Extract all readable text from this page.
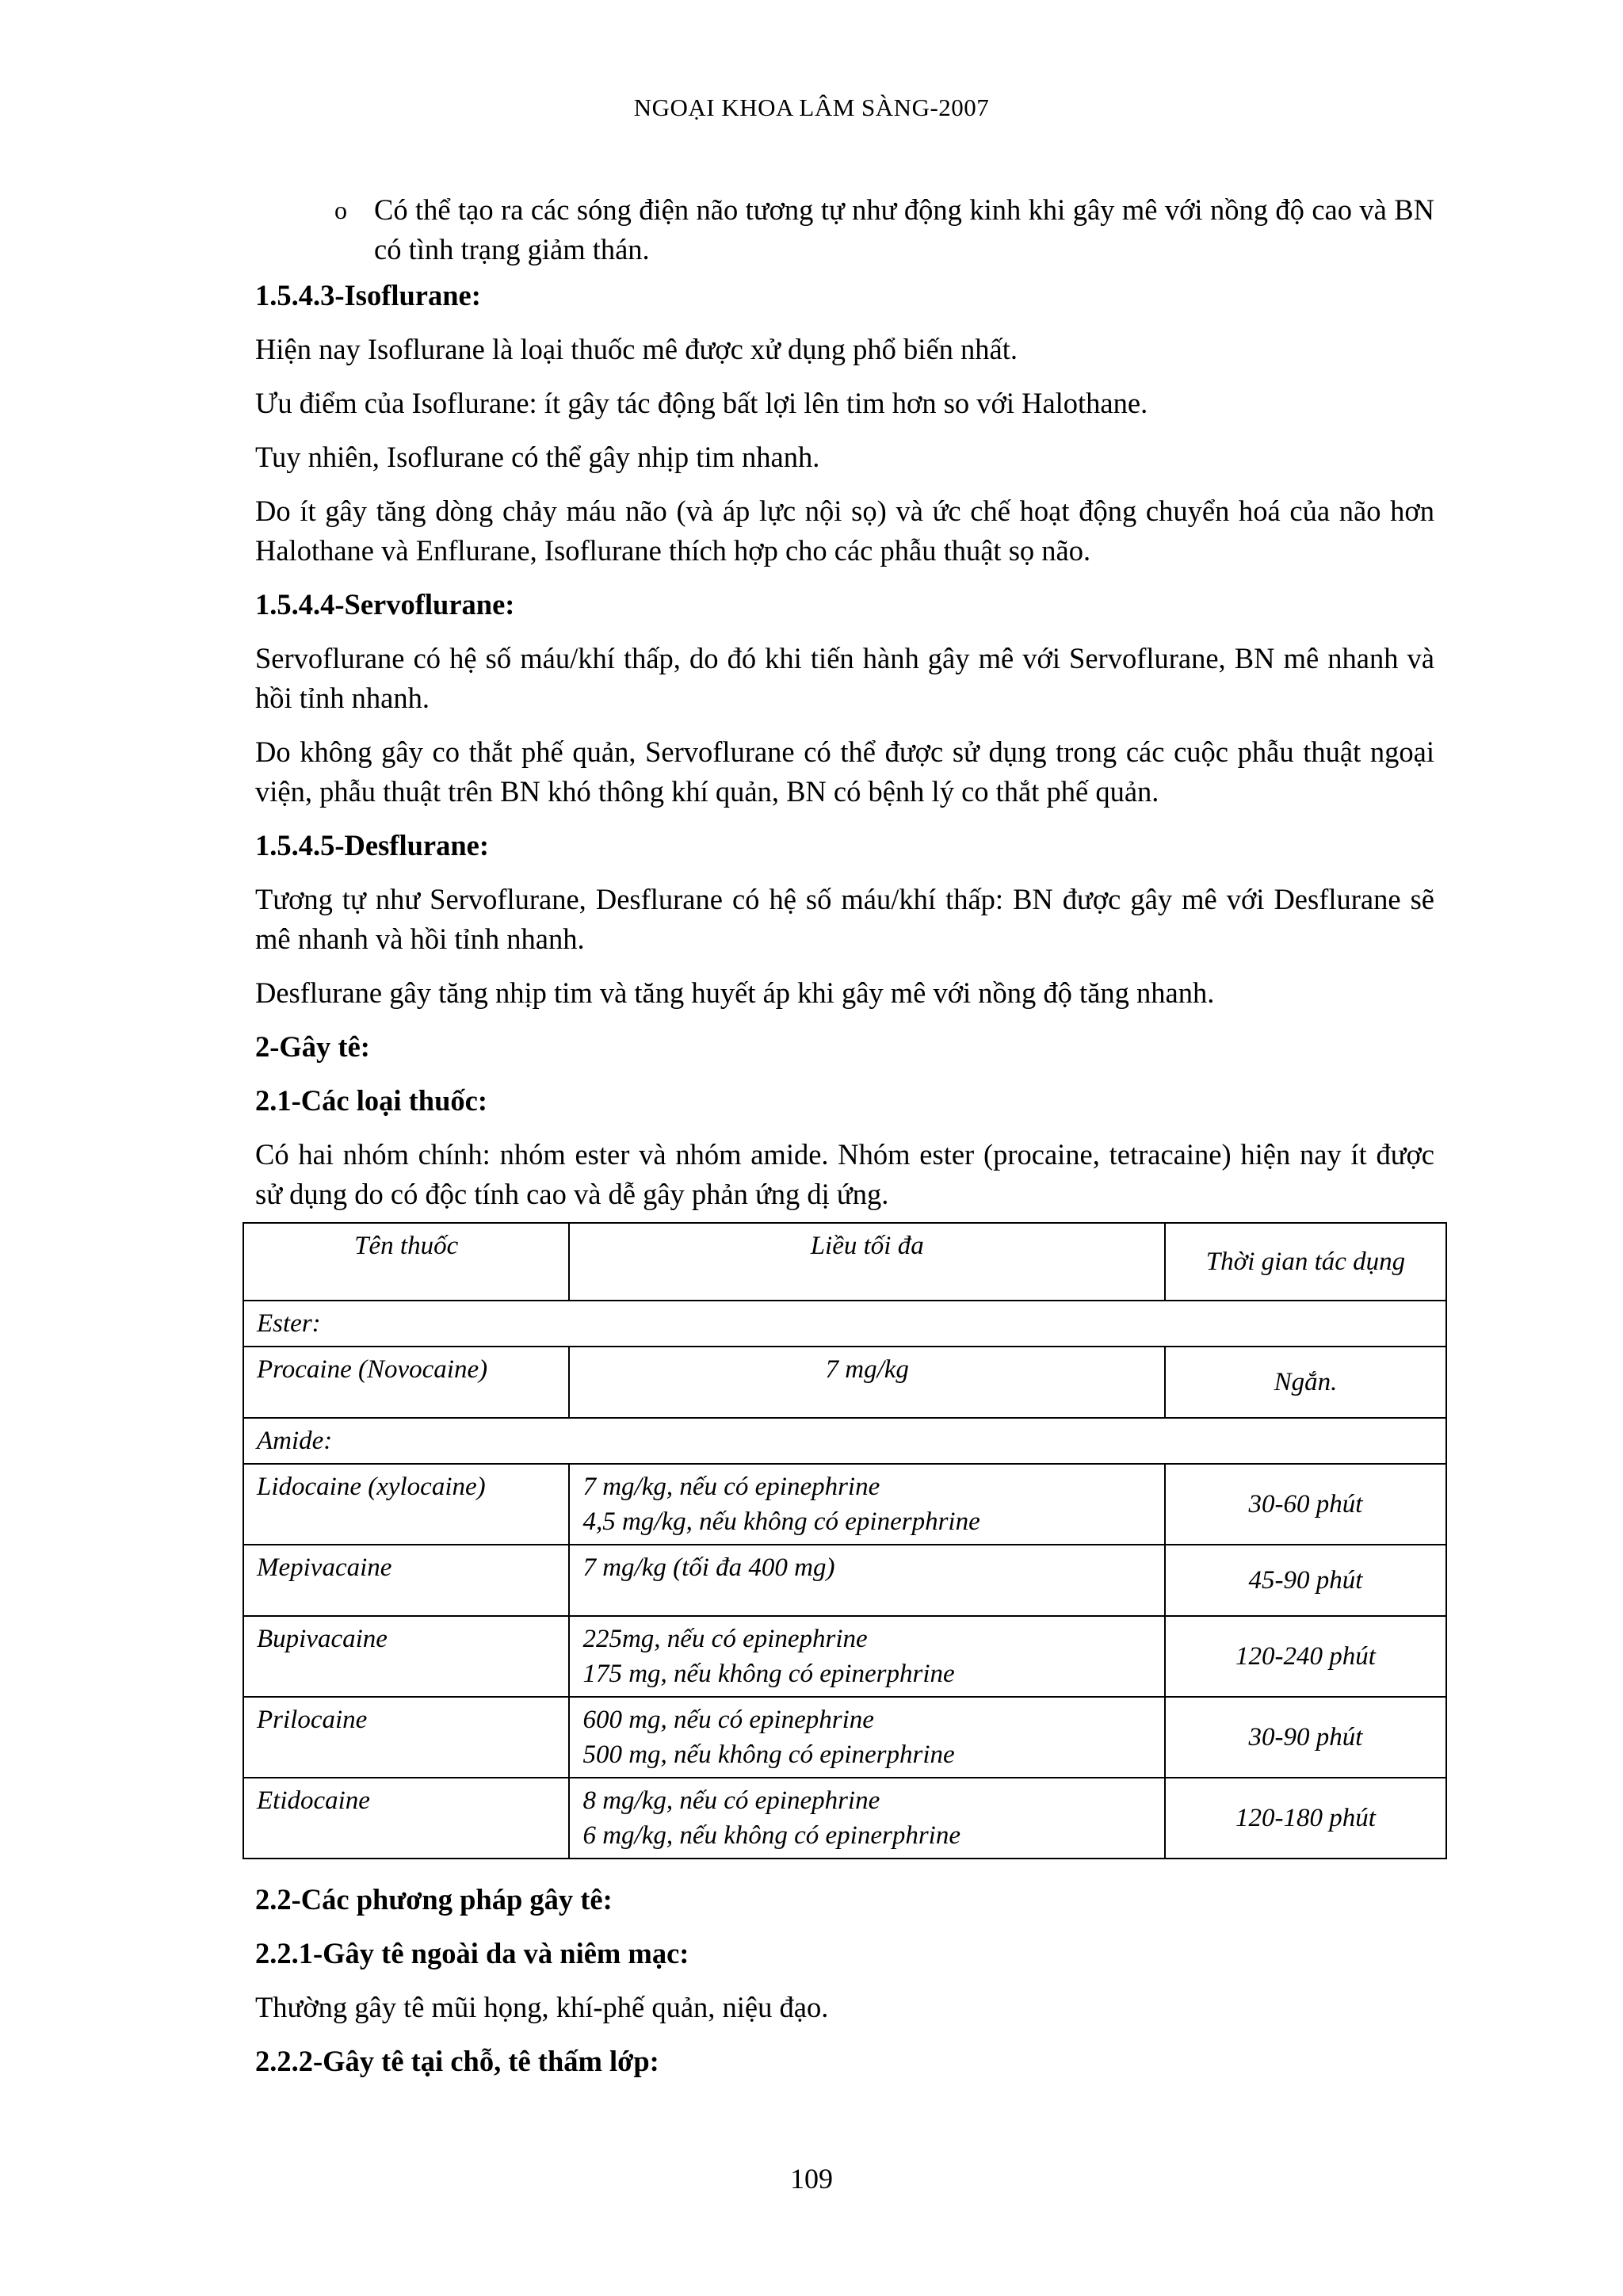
NGOẠI KHOA LÂM SÀNG-2007
o Có thể tạo ra các sóng điện não tương tự như động kinh khi gây mê với nồng độ cao và BN có tình trạng giảm thán.
1.5.4.3-Isoflurane:

Hiện nay Isoflurane là loại thuốc mê được xử dụng phổ biến nhất.

Ưu điểm của Isoflurane: ít gây tác động bất lợi lên tim hơn so với Halothane.

Tuy nhiên, Isoflurane có thể gây nhịp tim nhanh.

Do ít gây tăng dòng chảy máu não (và áp lực nội sọ) và ức chế hoạt động chuyển hoá của não hơn Halothane và Enflurane, Isoflurane thích hợp cho các phẫu thuật sọ não.

1.5.4.4-Servoflurane:

Servoflurane có hệ số máu/khí thấp, do đó khi tiến hành gây mê với Servoflurane, BN mê nhanh và hồi tỉnh nhanh.

Do không gây co thắt phế quản, Servoflurane có thể được sử dụng trong các cuộc phẫu thuật ngoại viện, phẫu thuật trên BN khó thông khí quản, BN có bệnh lý co thắt phế quản.

1.5.4.5-Desflurane:

Tương tự như Servoflurane, Desflurane có hệ số máu/khí thấp: BN được gây mê với Desflurane sẽ mê nhanh và hồi tỉnh nhanh.

Desflurane gây tăng nhịp tim và tăng huyết áp khi gây mê với nồng độ tăng nhanh.

2-Gây tê:
2.1-Các loại thuốc:

Có hai nhóm chính: nhóm ester và nhóm amide. Nhóm ester (procaine, tetracaine) hiện nay ít được sử dụng do có độc tính cao và dễ gây phản ứng dị ứng.

Tên thuốc	Liều tối đa	Thời gian tác dụng
Ester:		
Procaine (Novocaine)	7 mg/kg	Ngắn.
Amide:		
Lidocaine (xylocaine)	7 mg/kg, nếu có epinephrine
4,5 mg/kg, nếu không có epinerphrine	30-60 phút
Mepivacaine	7 mg/kg (tối đa 400 mg)	45-90 phút
Bupivacaine	225mg, nếu có epinephrine
175 mg, nếu không có epinerphrine	120-240 phút
Prilocaine	600 mg, nếu có epinephrine
500 mg, nếu không có epinerphrine	30-90 phút
Etidocaine	8 mg/kg, nếu có epinephrine
6 mg/kg, nếu không có epinerphrine	120-180 phút
2.2-Các phương pháp gây tê:
2.2.1-Gây tê ngoài da và niêm mạc:

Thường gây tê mũi họng, khí-phế quản, niệu đạo.

2.2.2-Gây tê tại chỗ, tê thấm lớp:
109
